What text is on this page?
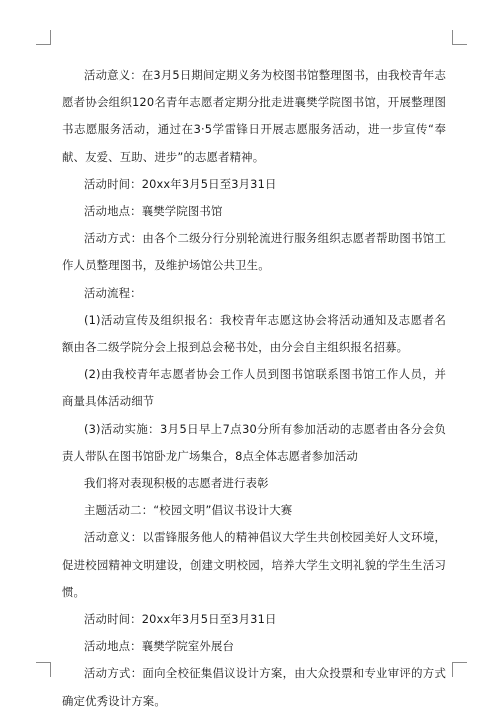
活动意义：在3月5日期间定期义务为校图书馆整理图书，由我校青年志愿者协会组织120名青年志愿者定期分批走进襄樊学院图书馆，开展整理图书志愿服务活动，通过在3·5学雷锋日开展志愿服务活动，进一步宣传“奉献、友爱、互助、进步”的志愿者精神。

活动时间：20xx年3月5日至3月31日

活动地点：襄樊学院图书馆

活动方式：由各个二级分行分别轮流进行服务组织志愿者帮助图书馆工作人员整理图书，及维护场馆公共卫生。

活动流程：

(1)活动宣传及组织报名：我校青年志愿这协会将活动通知及志愿者名额由各二级学院分会上报到总会秘书处，由分会自主组织报名招募。

(2)由我校青年志愿者协会工作人员到图书馆联系图书馆工作人员，并商量具体活动细节

(3)活动实施：3月5日早上7点30分所有参加活动的志愿者由各分会负责人带队在图书馆卧龙广场集合，8点全体志愿者参加活动

我们将对表现积极的志愿者进行表彰

主题活动二：“校园文明”倡议书设计大赛

活动意义：以雷锋服务他人的精神倡议大学生共创校园美好人文环境，促进校园精神文明建设，创建文明校园，培养大学生文明礼貌的学生生活习惯。

活动时间：20xx年3月5日至3月31日

活动地点：襄樊学院室外展台

活动方式：面向全校征集倡议设计方案，由大众投票和专业审评的方式确定优秀设计方案。
